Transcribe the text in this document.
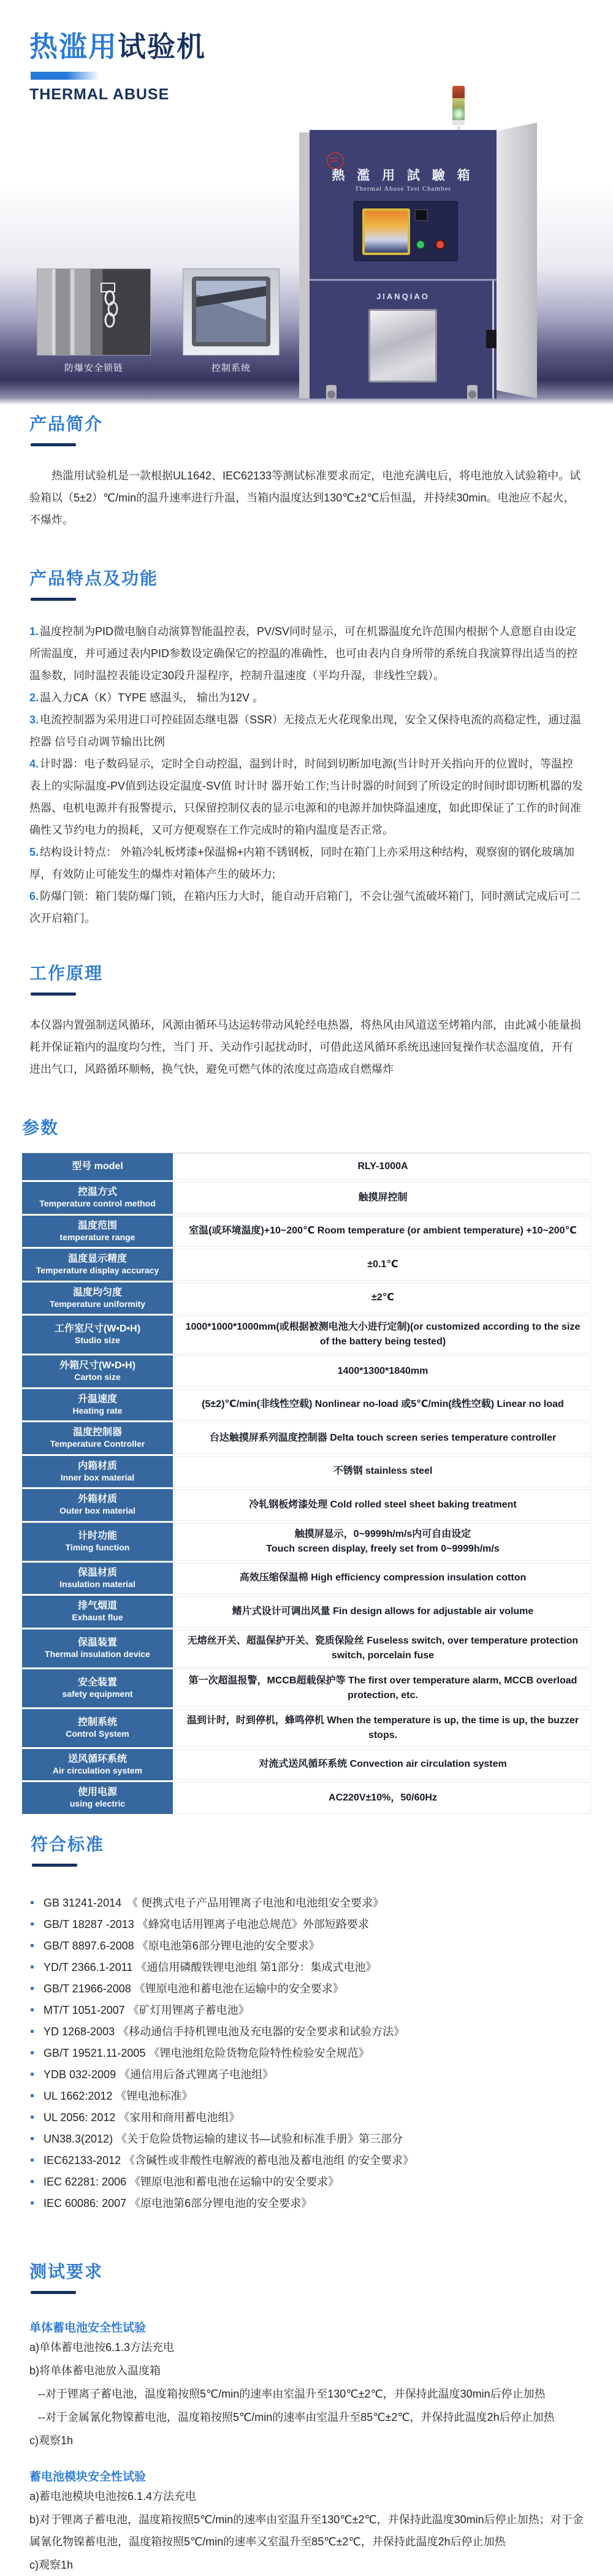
热滥用试验机
THERMAL ABUSE
熱 濫 用 試 驗 箱
Thermal Abuse Test Chamber
JIANQIAO
防爆安全锁链	控制系统
产品简介

热滥用试验机是一款根据UL1642、IEC62133等测试标准要求而定，电池充满电后，将电池放入试验箱中。试验箱以（5±2）℃/min的温升速率进行升温，当箱内温度达到130℃±2℃后恒温，并持续30min。电池应不起火，不爆炸。

产品特点及功能
1. 温度控制为PID微电脑自动演算智能温控表，PV/SV同时显示，可在机器温度允许范围内根据个人意愿自由设定所需温度，并可通过表内PID参数设定确保它的控温的准确性，也可由表内自身所带的系统自我演算得出适当的控温参数，同时温控表能设定30段升湿程序，控制升温速度（平均升湿，非线性空载）。
2. 温入力CA（K）TYPE 感温头， 输出为12V 。
3. 电流控制器为采用进口可控硅固态继电器（SSR）无接点无火花现象出现，安全又保持电流的高稳定性，通过温控器 信号自动调节输出比例
4. 计时器：电子数码显示，定时全自动控温，温到计时，时间到切断加电源(当计时开关指向开的位置时，等温控表上的实际温度-PV值到达设定温度-SV值 时计时 器开始工作;当计时器的时间到了所设定的时间时即切断机器的发热器、电机电源并有报警提示，只保留控制仪表的显示电源和的电源并加快降温速度，如此即保证了工作的时间准确性又节约电力的损耗，又可方便观察在工作完成时的箱内温度是否正常。
5. 结构设计特点： 外箱冷轧板烤漆+保温棉+内箱不锈钢板，同时在箱门上亦采用这种结构，观察窗的钢化玻璃加厚，有效防止可能发生的爆炸对箱体产生的破坏力;
6. 防爆门锁：箱门装防爆门锁，在箱内压力大时，能自动开启箱门，不会让强气流破坏箱门，同时测试完成后可二次开启箱门。
工作原理

本仪器内置强制送风循环，风源由循环马达运转带动风轮经电热器，将热风由风道送至烤箱内部，由此减小能量损耗并保证箱内的温度均匀性，当门 开、关动作引起扰动时，可借此送风循环系统迅速回复操作状态温度值，开有进出气口，风路循环顺畅，换气快，避免可燃气体的浓度过高造成自燃爆炸

参数
型号 model	RLY-1000A
控温方式
Temperature control method
触摸屏控制
温度范围
temperature range
室温(或环境温度)+10~200℃ Room temperature (or ambient temperature) +10~200℃
温度显示精度
Temperature display accuracy
±0.1℃
温度均匀度
Temperature uniformity
±2℃
工作室尺寸(W•D•H)
Studio size
1000*1000*1000mm(或根据被测电池大小进行定制)(or customized according to the size of the battery being tested)
外箱尺寸(W•D•H)
Carton size
1400*1300*1840mm
升温速度
Heating rate
(5±2)℃/min(非线性空载) Nonlinear no-load 或5℃/min(线性空载) Linear no load
温度控制器
Temperature Controller
台达触摸屏系列温度控制器 Delta touch screen series temperature controller
内箱材质
Inner box material
不锈钢 stainless steel
外箱材质
Outer box material
冷轧钢板烤漆处理 Cold rolled steel sheet baking treatment
计时功能
Timing function
触摸屏显示，0~9999h/m/s内可自由设定
Touch screen display, freely set from 0~9999h/m/s
保温材质
Insulation material
高效压缩保温棉 High efficiency compression insulation cotton
排气烟道
Exhaust flue
鳍片式设计可调出风量 Fin design allows for adjustable air volume
保温装置
Thermal insulation device
无熔丝开关、超温保护开关、瓷质保险丝 Fuseless switch, over temperature protection switch, porcelain fuse
安全装置
safety equipment
第一次超温报警，MCCB超载保护等 The first over temperature alarm, MCCB overload protection, etc.
控制系统
Control System
温到计时，时到停机，蜂鸣停机 When the temperature is up, the time is up, the buzzer stops.
送风循环系统
Air circulation system
对流式送风循环系统 Convection air circulation system
使用电源
using electric
AC220V±10%，50/60Hz
符合标准
GB 31241-2014　《 便携式电子产品用锂离子电池和电池组安全要求》
GB/T 18287 -2013 《蜂窝电话用锂离子电池总规范》外部短路要求
GB/T 8897.6-2008 《原电池第6部分锂电池的安全要求》
YD/T 2366.1-2011 《通信用磷酸铁锂电池组 第1部分：集成式电池》
GB/T 21966-2008 《锂原电池和蓄电池在运输中的安全要求》
MT/T 1051-2007 《矿灯用锂离子蓄电池》
YD 1268-2003 《移动通信手持机锂电池及充电器的安全要求和试验方法》
GB/T 19521.11-2005 《锂电池组危险货物危险特性检验安全规范》
YDB 032-2009 《通信用后备式锂离子电池组》
UL 1662:2012 《锂电池标准》
UL 2056: 2012 《家用和商用蓄电池组》
UN38.3(2012) 《关于危险货物运输的建议书—试验和标准手册》第三部分
IEC62133-2012 《含碱性或非酸性电解液的蓄电池及蓄电池组 的安全要求》
IEC 62281: 2006 《锂原电池和蓄电池在运输中的安全要求》
IEC 60086: 2007 《原电池第6部分锂电池的安全要求》
测试要求

单体蓄电池安全性试验

a)单体蓄电池按6.1.3方法充电

b)将单体蓄电池放入温度箱

--对于锂离子蓄电池，温度箱按照5℃/min的速率由室温升至130℃±2℃，并保持此温度30min后停止加热

--对于金属氰化物镍蓄电池，温度箱按照5℃/min的速率由室温升至85℃±2℃，并保持此温度2h后停止加热

c)观察1h

蓄电池模块安全性试验

a)蓄电池模块电池按6.1.4方法充电

b)对于锂离子蓄电池，温度箱按照5℃/min的速率由室温升至130℃±2℃，并保持此温度30min后停止加热；对于金属氰化物镍蓄电池，温度箱按照5℃/min的速率又室温升至85℃±2℃，并保持此温度2h后停止加热

c)观察1h
